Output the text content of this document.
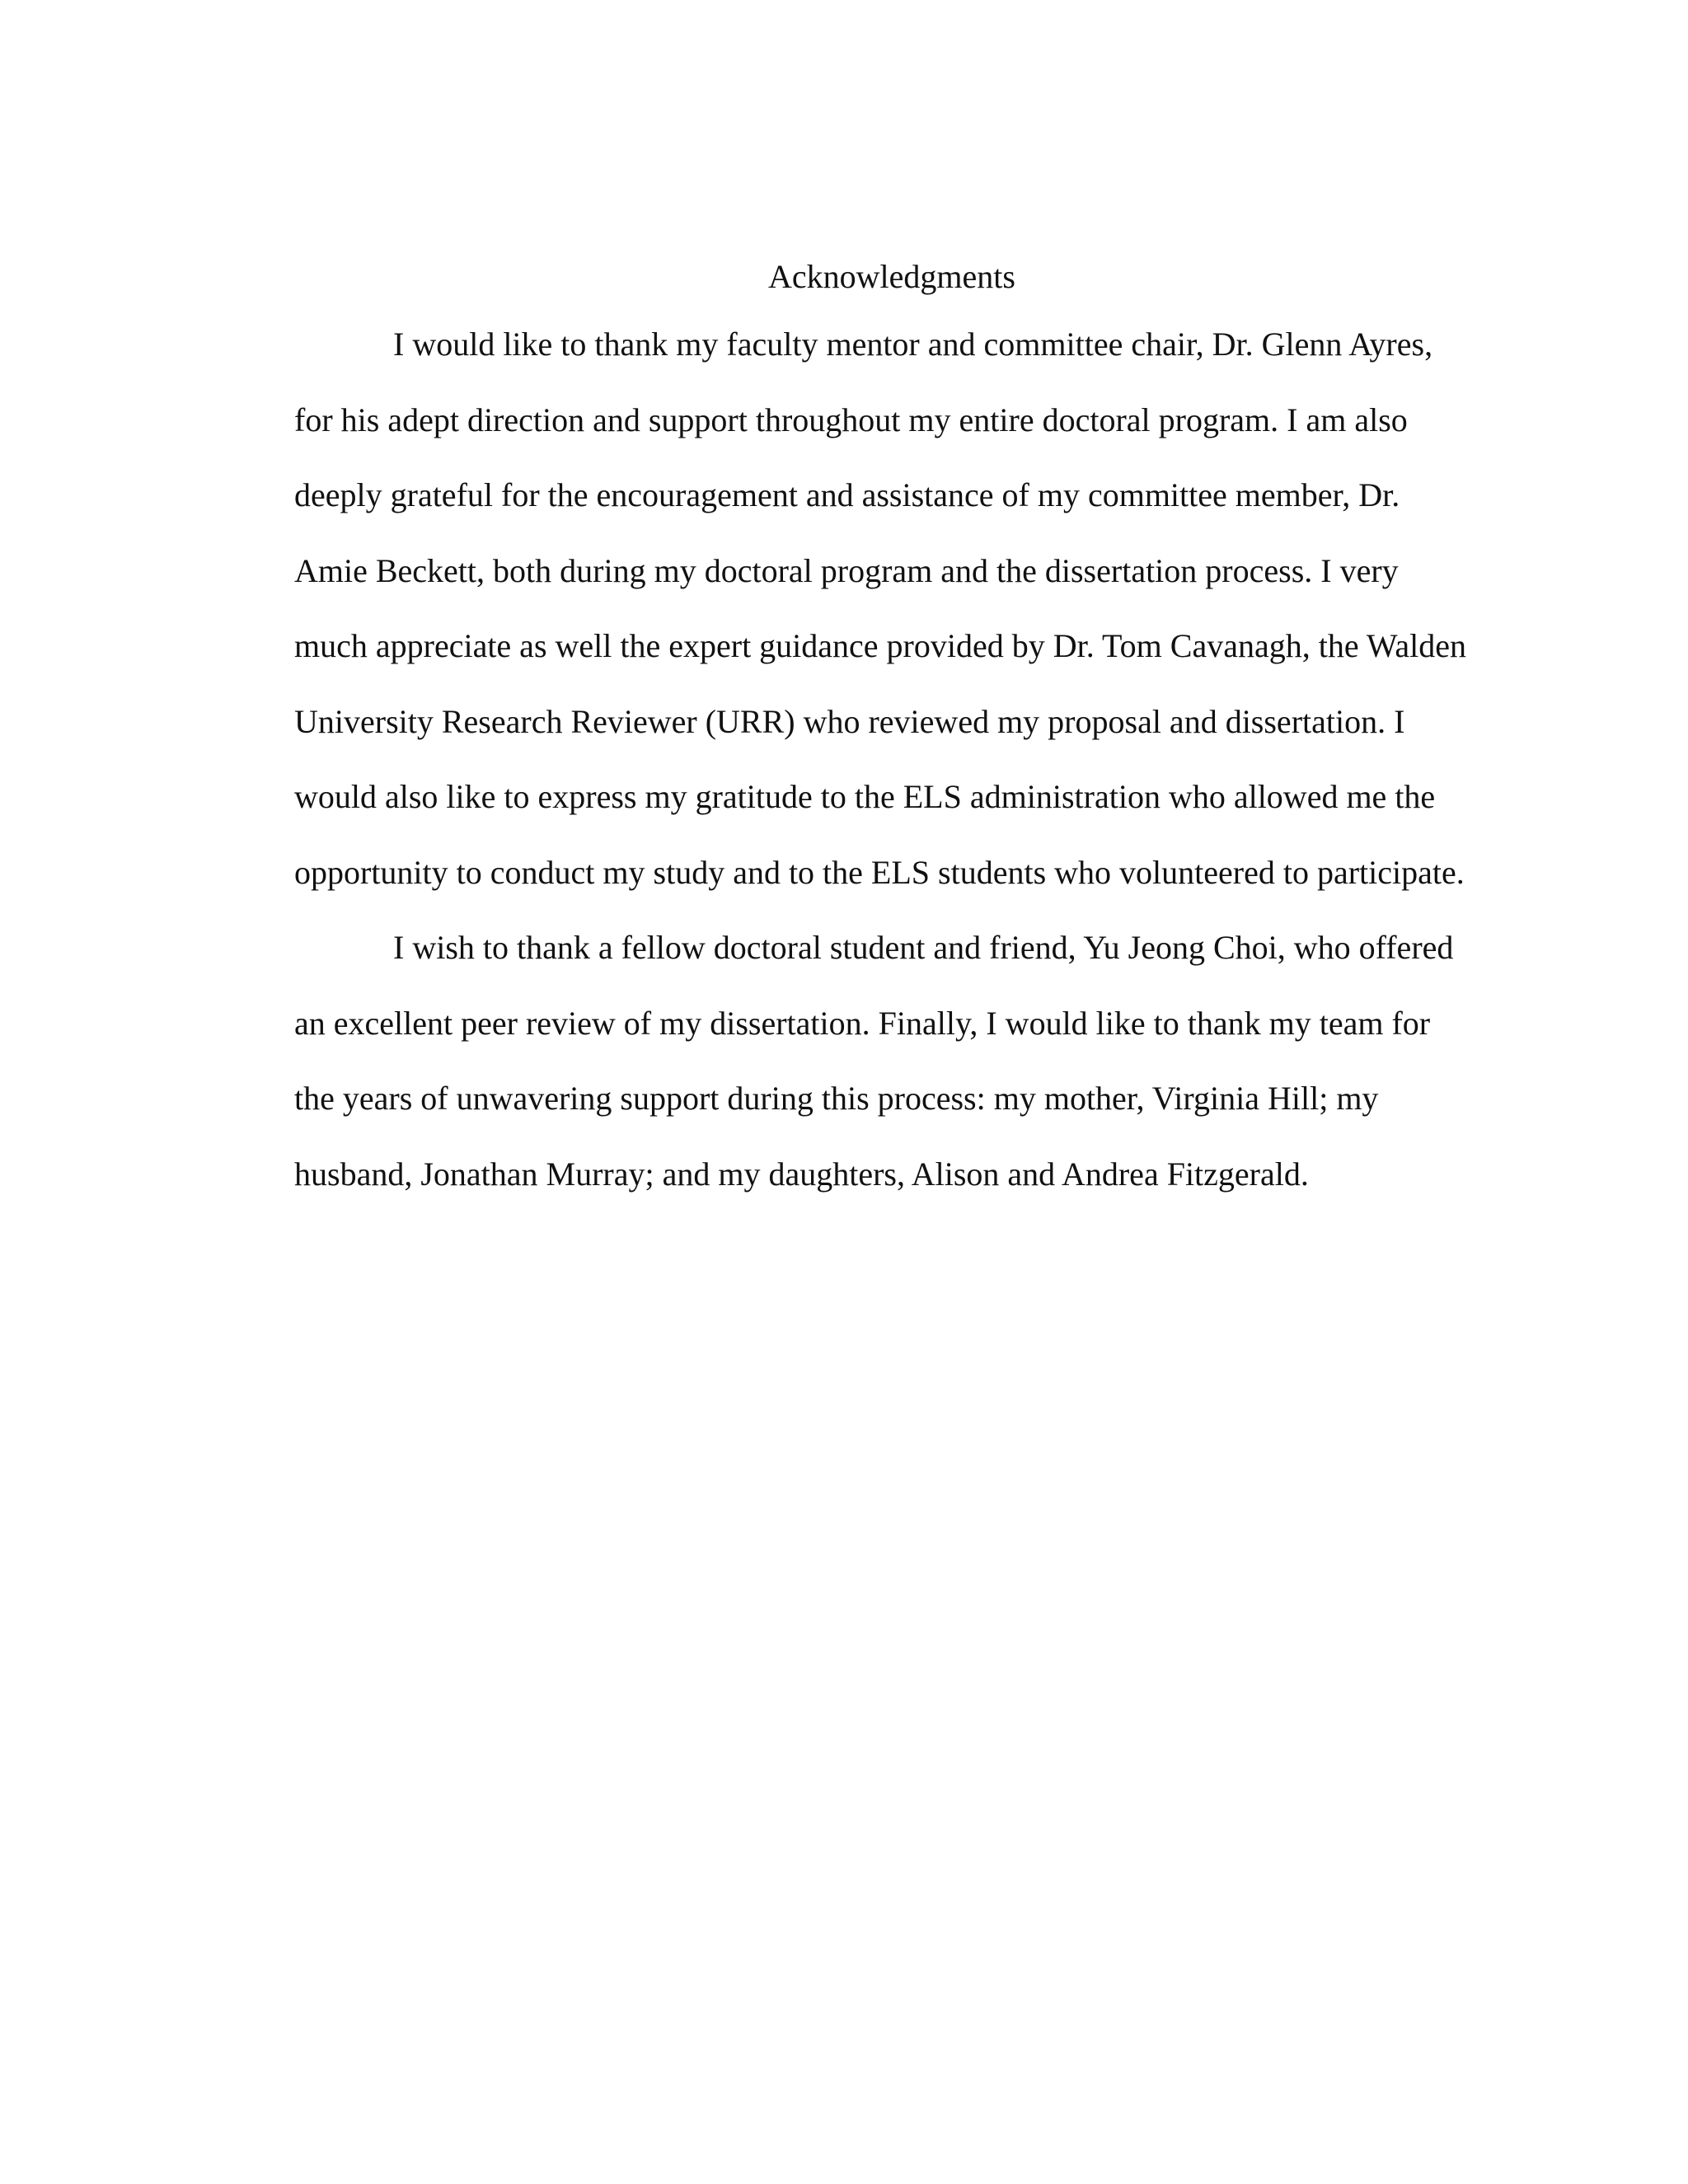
Acknowledgments
I would like to thank my faculty mentor and committee chair, Dr. Glenn Ayres,
for his adept direction and support throughout my entire doctoral program. I am also
deeply grateful for the encouragement and assistance of my committee member, Dr.
Amie Beckett, both during my doctoral program and the dissertation process. I very
much appreciate as well the expert guidance provided by Dr. Tom Cavanagh, the Walden
University Research Reviewer (URR) who reviewed my proposal and dissertation. I
would also like to express my gratitude to the ELS administration who allowed me the
opportunity to conduct my study and to the ELS students who volunteered to participate.
I wish to thank a fellow doctoral student and friend, Yu Jeong Choi, who offered
an excellent peer review of my dissertation. Finally, I would like to thank my team for
the years of unwavering support during this process: my mother, Virginia Hill; my
husband, Jonathan Murray; and my daughters, Alison and Andrea Fitzgerald.
